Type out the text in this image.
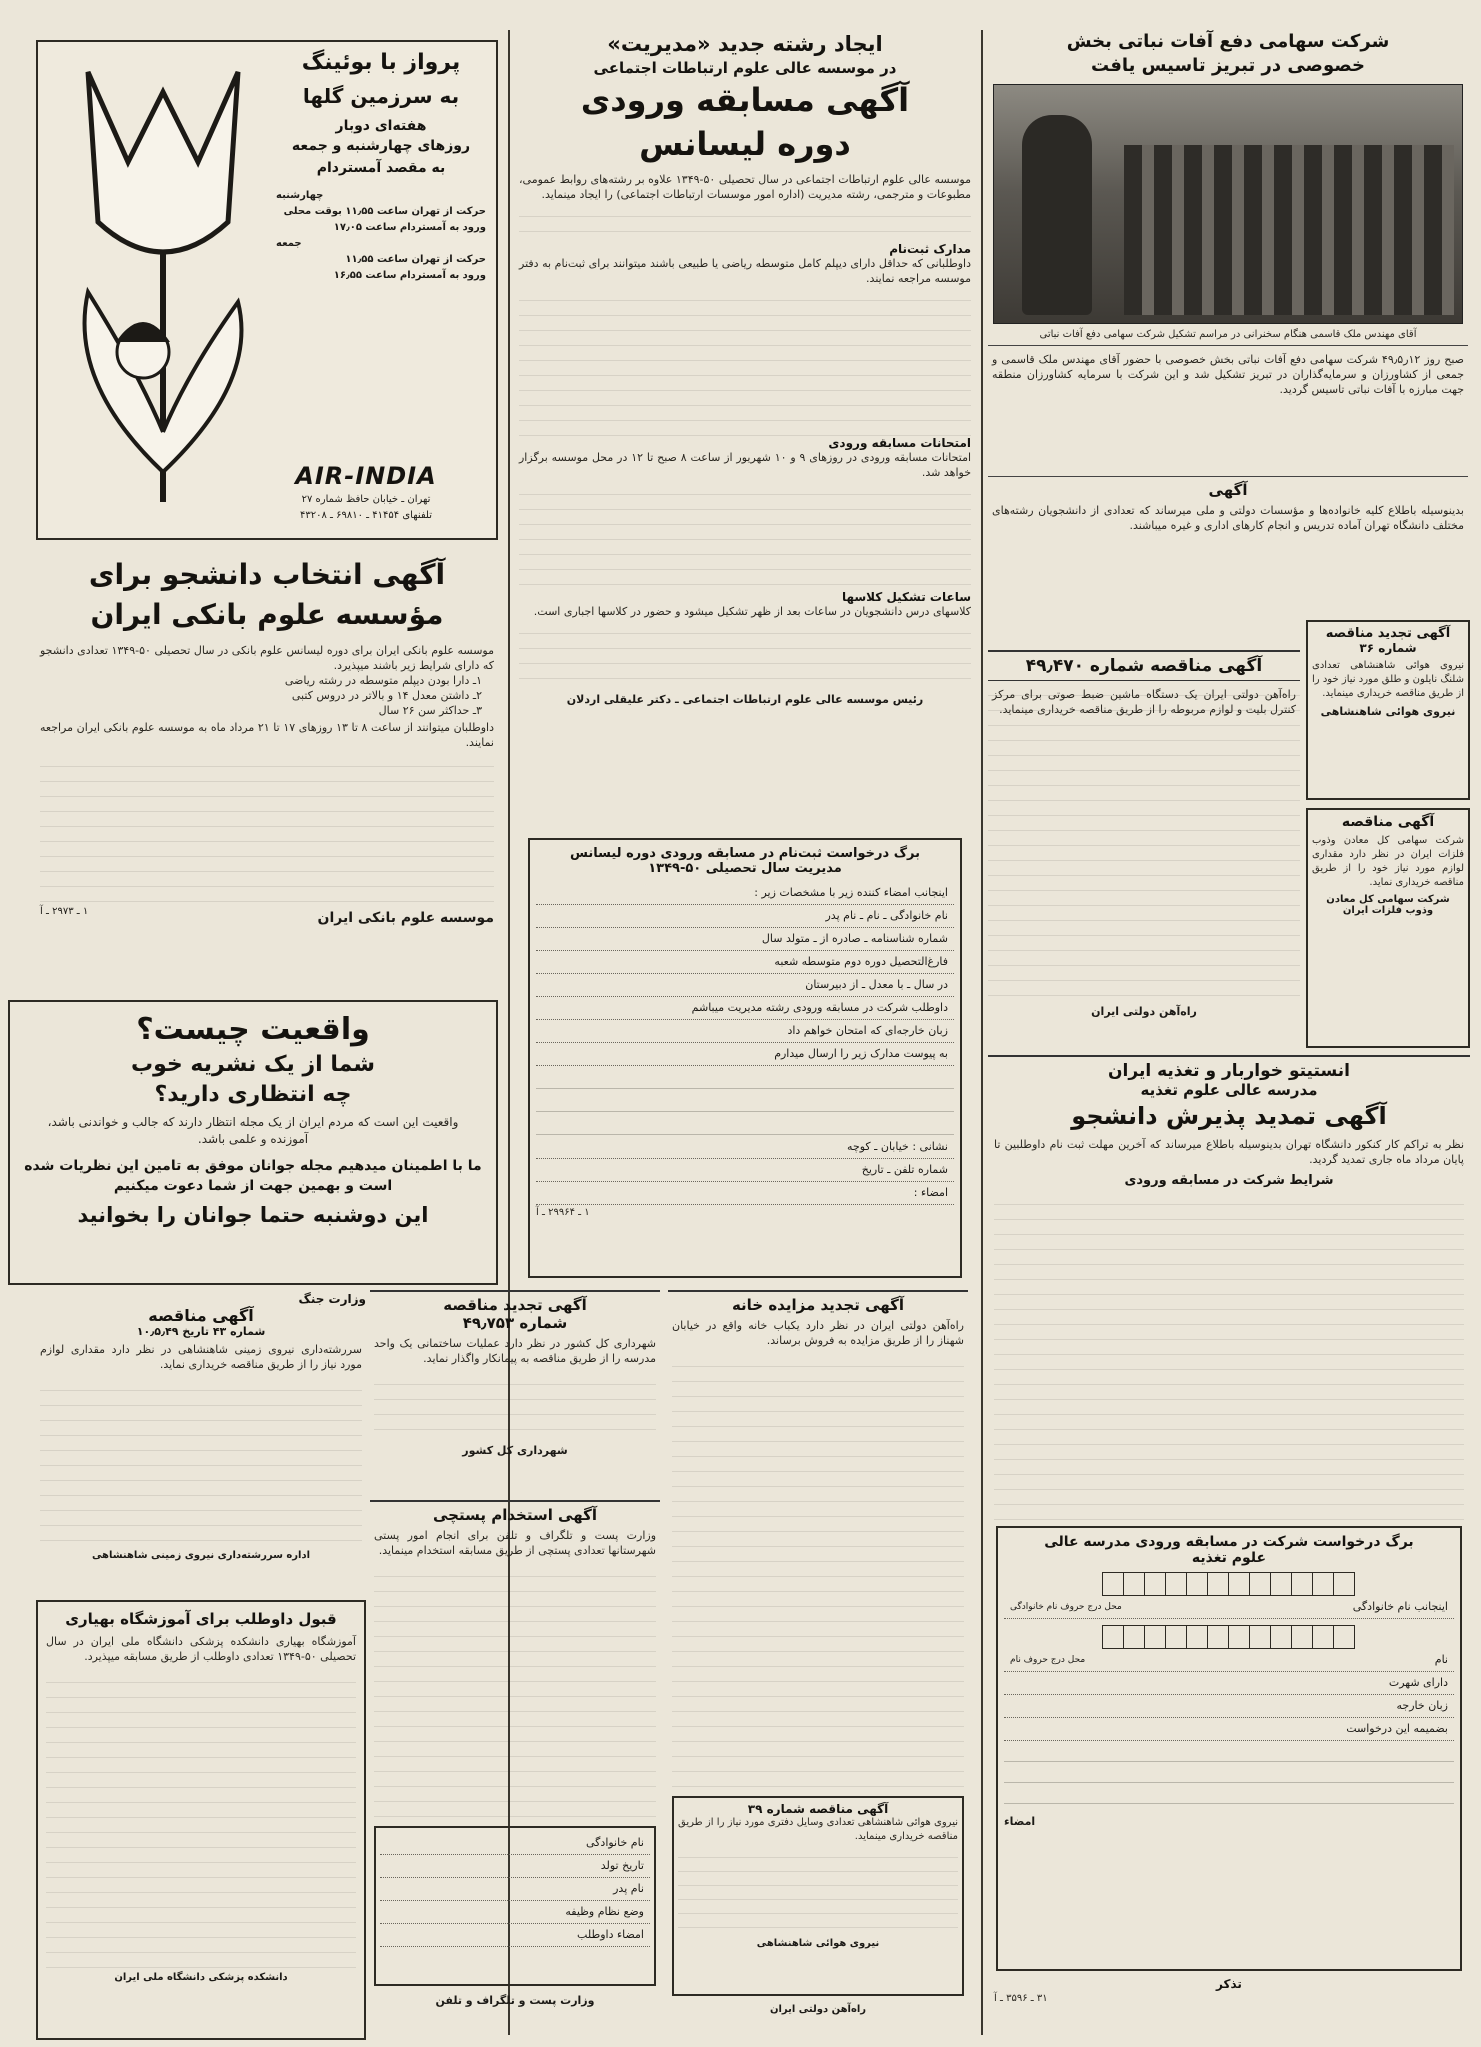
شرکت سهامی دفع آفات نباتی بخش
خصوصی در تبریز تاسیس یافت
آقای مهندس ملک قاسمی هنگام سخنرانی در مراسم تشکیل شرکت سهامی دفع آفات نباتی
صبح روز ۱۲ر۴۹٫۵ شرکت سهامی دفع آفات نباتی بخش خصوصی با حضور آقای مهندس ملک قاسمی و جمعی از کشاورزان و سرمایه‌گذاران در تبریز تشکیل شد و این شرکت با سرمایه کشاورزان منطقه جهت مبارزه با آفات نباتی تاسیس گردید.
آگهی
بدینوسیله باطلاع کلیه خانواده‌ها و مؤسسات دولتی و ملی میرساند که تعدادی از دانشجویان رشته‌های مختلف دانشگاه تهران آماده تدریس و انجام کارهای اداری و غیره میباشند.
آگهی تجدید مناقصه
شماره ۳۶
نیروی هوائی شاهنشاهی تعدادی شلنگ نایلون و طلق مورد نیاز خود را از طریق مناقصه خریداری مینماید.
نیروی هوائی شاهنشاهی
آگهی مناقصه
شرکت سهامی کل معادن وذوب فلزات ایران در نظر دارد مقداری لوازم مورد نیاز خود را از طریق مناقصه خریداری نماید.
شرکت سهامی کل معادن وذوب فلزات ایران
آگهی مناقصه شماره ۴۹٫۴۷۰
راه‌آهن دولتی ایران یک دستگاه ماشین ضبط صوتی برای مرکز کنترل بلیت و لوازم مربوطه را از طریق مناقصه خریداری مینماید.
راه‌آهن دولتی ایران
انستیتو خواربار و تغذیه ایران
مدرسه عالی علوم تغذیه
آگهی تمدید پذیرش دانشجو
نظر به تراکم کار کنکور دانشگاه تهران بدینوسیله باطلاع میرساند که آخرین مهلت ثبت نام داوطلبین تا پایان مرداد ماه جاری تمدید گردید.
شرایط شرکت در مسابقه ورودی
برگ درخواست شرکت در مسابقه ورودی مدرسه عالی
علوم تغذیه
اینجانب نام خانوادگی
محل درج حروف نام خانوادگی
نام
محل درج حروف نام
دارای شهرت
زبان خارجه
بضمیمه این درخواست
امضاء
تذکر
۳۱ ـ ۳۵۹۶ ـ آ
ایجاد رشته جدید «مدیریت»
در موسسه عالی علوم ارتباطات اجتماعی
آگهی مسابقه ورودی
دوره لیسانس
موسسه عالی علوم ارتباطات اجتماعی در سال تحصیلی ۵۰-۱۳۴۹ علاوه بر رشته‌های روابط عمومی، مطبوعات و مترجمی، رشته مدیریت (اداره امور موسسات ارتباطات اجتماعی) را ایجاد مینماید.
مدارک ثبت‌نام
داوطلبانی که حداقل دارای دیپلم کامل متوسطه ریاضی یا طبیعی باشند میتوانند برای ثبت‌نام به دفتر موسسه مراجعه نمایند.
امتحانات مسابقه ورودی
امتحانات مسابقه ورودی در روزهای ۹ و ۱۰ شهریور از ساعت ۸ صبح تا ۱۲ در محل موسسه برگزار خواهد شد.
ساعات تشکیل کلاسها
کلاسهای درس دانشجویان در ساعات بعد از ظهر تشکیل میشود و حضور در کلاسها اجباری است.
رئیس موسسه عالی علوم ارتباطات اجتماعی ـ دکتر علیقلی اردلان
برگ درخواست ثبت‌نام در مسابقه ورودی دوره لیسانس
مدیریت سال تحصیلی ۵۰-۱۳۴۹
اینجانب امضاء کننده زیر با مشخصات زیر :
نام خانوادگی ـ نام ـ نام پدر
شماره شناسنامه ـ صادره از ـ متولد سال
فارغ‌التحصیل دوره دوم متوسطه شعبه
در سال ـ با معدل ـ از دبیرستان
داوطلب شرکت در مسابقه ورودی رشته مدیریت میباشم
زبان خارجه‌ای که امتحان خواهم داد
به پیوست مدارک زیر را ارسال میدارم
نشانی : خیابان ـ کوچه
شماره تلفن ـ تاریخ
امضاء :
۱ ـ ۲۹۹۶۴ ـ آ
آگهی تجدید مناقصه
شماره ۴۹٫۷۵۳
شهرداری کل کشور در نظر دارد عملیات ساختمانی یک واحد مدرسه را از طریق مناقصه به پیمانکار واگذار نماید.
شهرداری کل کشور
آگهی تجدید مزایده خانه
راه‌آهن دولتی ایران در نظر دارد یکباب خانه واقع در خیابان شهناز را از طریق مزایده به فروش برساند.
آگهی مناقصه شماره ۳۹
نیروی هوائی شاهنشاهی تعدادی وسایل دفتری مورد نیاز را از طریق مناقصه خریداری مینماید.
نیروی هوائی شاهنشاهی
راه‌آهن دولتی ایران
آگهی استخدام پستچی
وزارت پست و تلگراف و تلفن برای انجام امور پستی شهرستانها تعدادی پستچی از طریق مسابقه استخدام مینماید.
نام خانوادگی
تاریخ تولد
نام پدر
وضع نظام وظیفه
امضاء داوطلب
وزارت پست و تلگراف و تلفن
پرواز با بوئینگ
به سرزمین گلها
هفته‌ای دوبار
روزهای چهارشنبه و جمعه
به مقصد آمستردام
چهارشنبه
حرکت از تهران ساعت ۱۱٫۵۵ بوقت محلی
ورود به آمستردام ساعت ۱۷٫۰۵
جمعه
حرکت از تهران ساعت ۱۱٫۵۵
ورود به آمستردام ساعت ۱۶٫۵۵
AIR-INDIA
تهران ـ خیابان حافظ شماره ۲۷
تلفنهای ۴۱۴۵۴ ـ ۶۹۸۱۰ ـ ۴۳۲۰۸
آگهی انتخاب دانشجو برای
مؤسسه علوم بانکی ایران
موسسه علوم بانکی ایران برای دوره لیسانس علوم بانکی در سال تحصیلی ۵۰-۱۳۴۹ تعدادی دانشجو که دارای شرایط زیر باشند میپذیرد.
۱ـ دارا بودن دیپلم متوسطه در رشته ریاضی
۲ـ داشتن معدل ۱۴ و بالاتر در دروس کتبی
۳ـ حداکثر سن ۲۶ سال
داوطلبان میتوانند از ساعت ۸ تا ۱۳ روزهای ۱۷ تا ۲۱ مرداد ماه به موسسه علوم بانکی ایران مراجعه نمایند.
موسسه علوم بانکی ایران
۱ ـ ۲۹۷۳ ـ آ
واقعیت چیست؟
شما از یک نشریه خوب
چه انتظاری دارید؟
واقعیت این است که مردم ایران از یک مجله انتظار دارند که جالب و خواندنی باشد، آموزنده و علمی باشد.
ما با اطمینان میدهیم مجله جوانان موفق به تامین این نظریات شده است و بهمین جهت از شما دعوت میکنیم
این دوشنبه حتما جوانان را بخوانید
وزارت جنگ
آگهی مناقصه
شماره ۴۳ تاریخ ۱۰٫۵٫۴۹
سررشته‌داری نیروی زمینی شاهنشاهی در نظر دارد مقداری لوازم مورد نیاز را از طریق مناقصه خریداری نماید.
اداره سررشته‌داری نیروی زمینی شاهنشاهی
قبول داوطلب برای آموزشگاه بهیاری
آموزشگاه بهیاری دانشکده پزشکی دانشگاه ملی ایران در سال تحصیلی ۵۰-۱۳۴۹ تعدادی داوطلب از طریق مسابقه میپذیرد.
دانشکده پزشکی دانشگاه ملی ایران
